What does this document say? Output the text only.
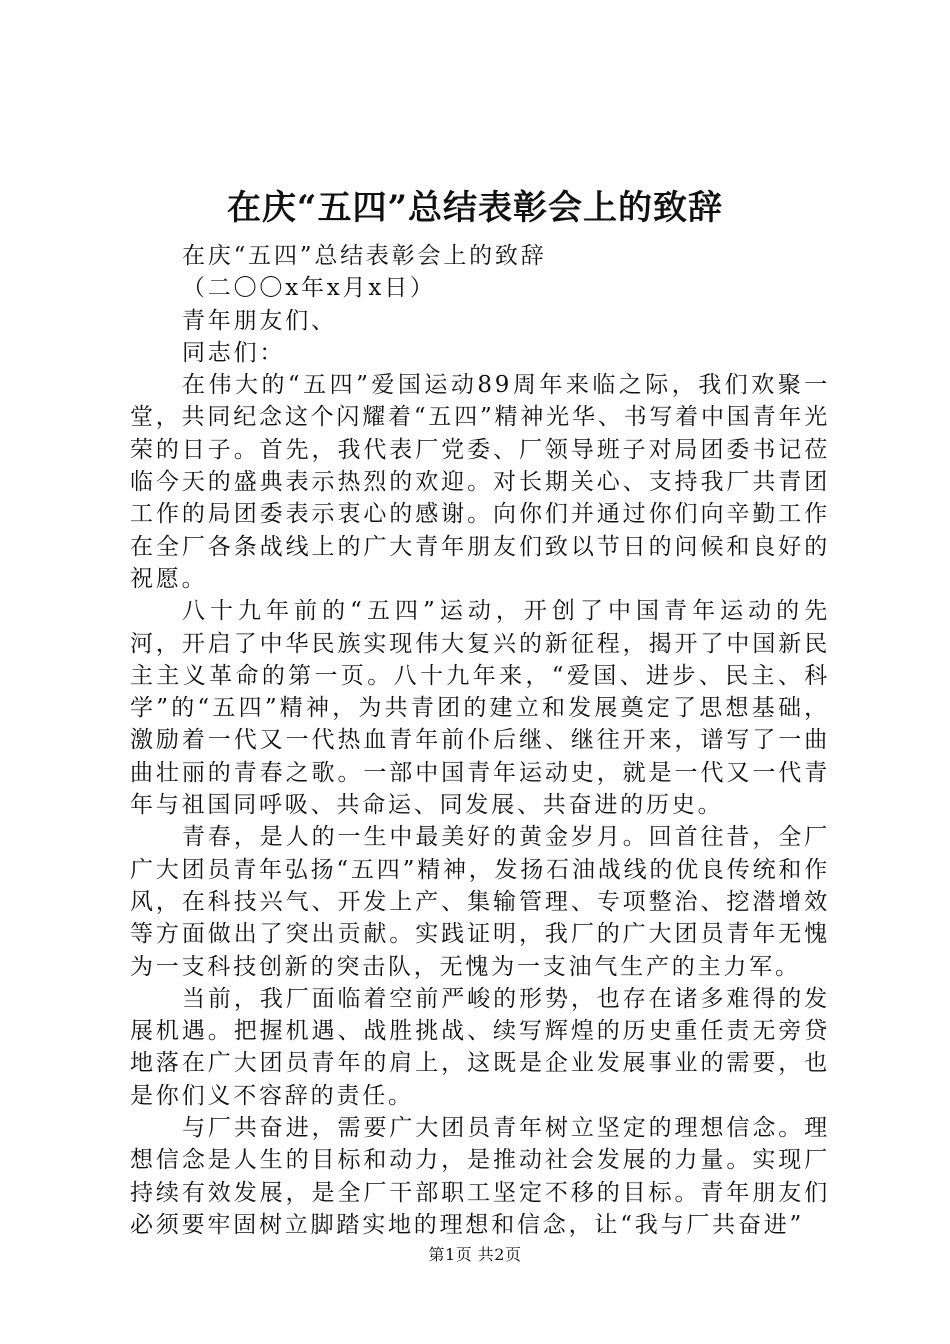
在庆“五四”总结表彰会上的致辞

在庆“五四”总结表彰会上的致辞

（二〇〇x年x月x日）

青年朋友们、

同志们：

在伟大的“五四”爱国运动89周年来临之际，我们欢聚一堂，共同纪念这个闪耀着“五四”精神光华、书写着中国青年光荣的日子。首先，我代表厂党委、厂领导班子对局团委书记莅临今天的盛典表示热烈的欢迎。对长期关心、支持我厂共青团工作的局团委表示衷心的感谢。向你们并通过你们向辛勤工作在全厂各条战线上的广大青年朋友们致以节日的问候和良好的祝愿。

八十九年前的“五四”运动，开创了中国青年运动的先河，开启了中华民族实现伟大复兴的新征程，揭开了中国新民主主义革命的第一页。八十九年来，“爱国、进步、民主、科学”的“五四”精神，为共青团的建立和发展奠定了思想基础，激励着一代又一代热血青年前仆后继、继往开来，谱写了一曲曲壮丽的青春之歌。一部中国青年运动史，就是一代又一代青年与祖国同呼吸、共命运、同发展、共奋进的历史。

青春，是人的一生中最美好的黄金岁月。回首往昔，全厂广大团员青年弘扬“五四”精神，发扬石油战线的优良传统和作风，在科技兴气、开发上产、集输管理、专项整治、挖潜增效等方面做出了突出贡献。实践证明，我厂的广大团员青年无愧为一支科技创新的突击队，无愧为一支油气生产的主力军。

当前，我厂面临着空前严峻的形势，也存在诸多难得的发展机遇。把握机遇、战胜挑战、续写辉煌的历史重任责无旁贷地落在广大团员青年的肩上，这既是企业发展事业的需要，也是你们义不容辞的责任。

与厂共奋进，需要广大团员青年树立坚定的理想信念。理想信念是人生的目标和动力，是推动社会发展的力量。实现厂持续有效发展，是全厂干部职工坚定不移的目标。青年朋友们必须要牢固树立脚踏实地的理想和信念，让“我与厂共奋进”

第1页 共2页
